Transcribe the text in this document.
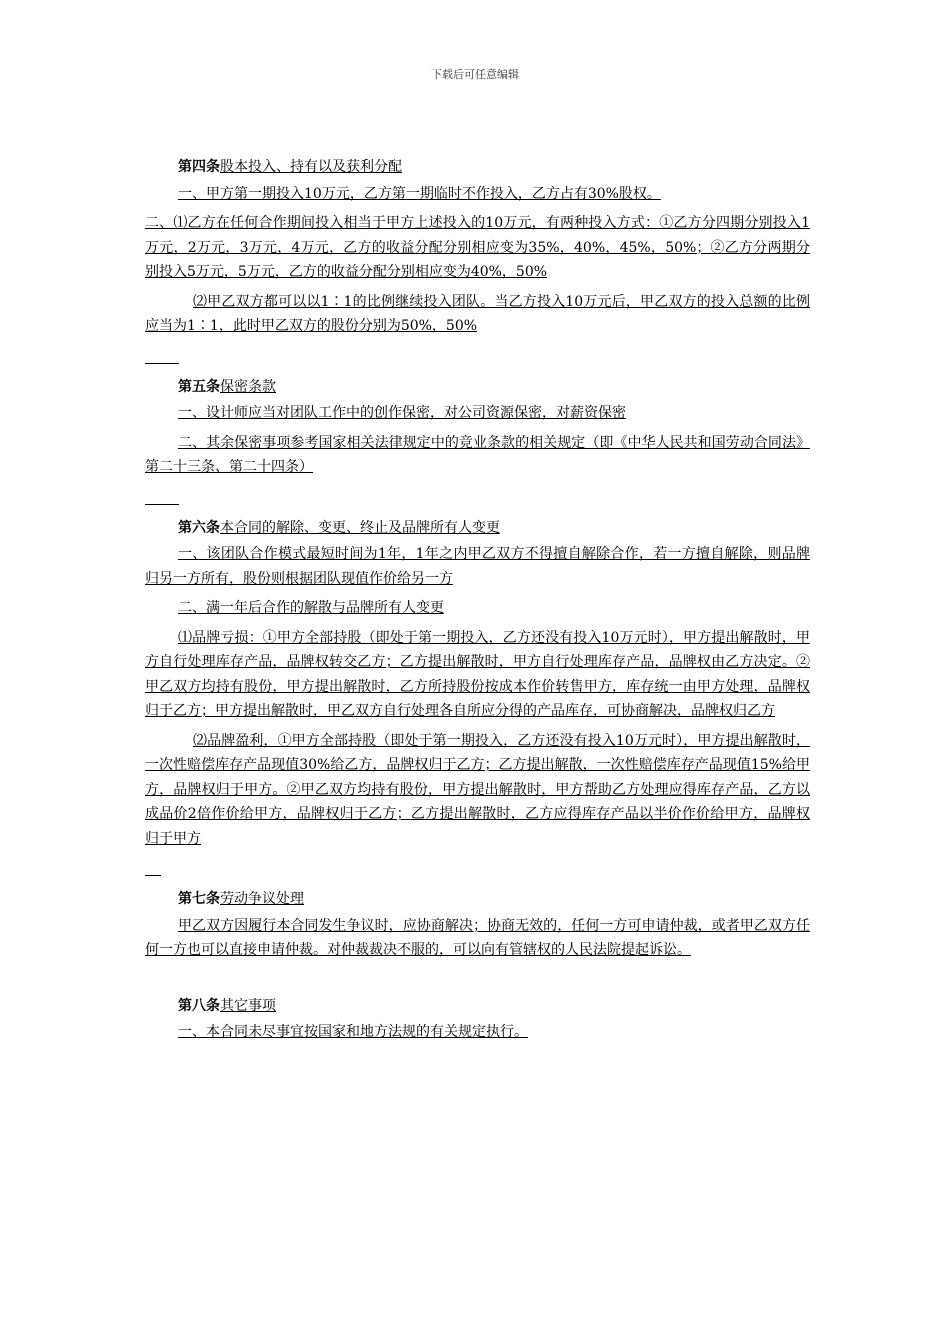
下载后可任意编辑

第四条股本投入、持有以及获利分配

一、甲方第一期投入10万元，乙方第一期临时不作投入，乙方占有30%股权。

二、⑴乙方在任何合作期间投入相当于甲方上述投入的10万元，有两种投入方式：①乙方分四期分别投入1万元，2万元，3万元，4万元，乙方的收益分配分别相应变为35%，40%，45%，50%；②乙方分两期分别投入5万元，5万元，乙方的收益分配分别相应变为40%，50%

⑵甲乙双方都可以以1∶1的比例继续投入团队。当乙方投入10万元后，甲乙双方的投入总额的比例应当为1∶1，此时甲乙双方的股份分别为50%，50%

第五条保密条款

一、设计师应当对团队工作中的创作保密，对公司资源保密，对薪资保密

二、其余保密事项参考国家相关法律规定中的竞业条款的相关规定（即《中华人民共和国劳动合同法》第二十三条、第二十四条）

第六条本合同的解除、变更、终止及品牌所有人变更

一、该团队合作模式最短时间为1年，1年之内甲乙双方不得擅自解除合作，若一方擅自解除，则品牌归另一方所有，股份则根据团队现值作价给另一方

二、满一年后合作的解散与品牌所有人变更

⑴品牌亏损：①甲方全部持股（即处于第一期投入，乙方还没有投入10万元时），甲方提出解散时，甲方自行处理库存产品，品牌权转交乙方；乙方提出解散时，甲方自行处理库存产品，品牌权由乙方决定。②甲乙双方均持有股份，甲方提出解散时，乙方所持股份按成本作价转售甲方，库存统一由甲方处理，品牌权归于乙方；甲方提出解散时，甲乙双方自行处理各自所应分得的产品库存，可协商解决，品牌权归乙方

⑵品牌盈利，①甲方全部持股（即处于第一期投入，乙方还没有投入10万元时），甲方提出解散时，一次性赔偿库存产品现值30%给乙方，品牌权归于乙方；乙方提出解散，一次性赔偿库存产品现值15%给甲方，品牌权归于甲方。②甲乙双方均持有股份，甲方提出解散时，甲方帮助乙方处理应得库存产品，乙方以成品价2倍作价给甲方，品牌权归于乙方；乙方提出解散时，乙方应得库存产品以半价作价给甲方，品牌权归于甲方

第七条劳动争议处理

甲乙双方因履行本合同发生争议时，应协商解决；协商无效的，任何一方可申请仲裁，或者甲乙双方任何一方也可以直接申请仲裁。对仲裁裁决不服的，可以向有管辖权的人民法院提起诉讼。

第八条其它事项

一、本合同未尽事宜按国家和地方法规的有关规定执行。
